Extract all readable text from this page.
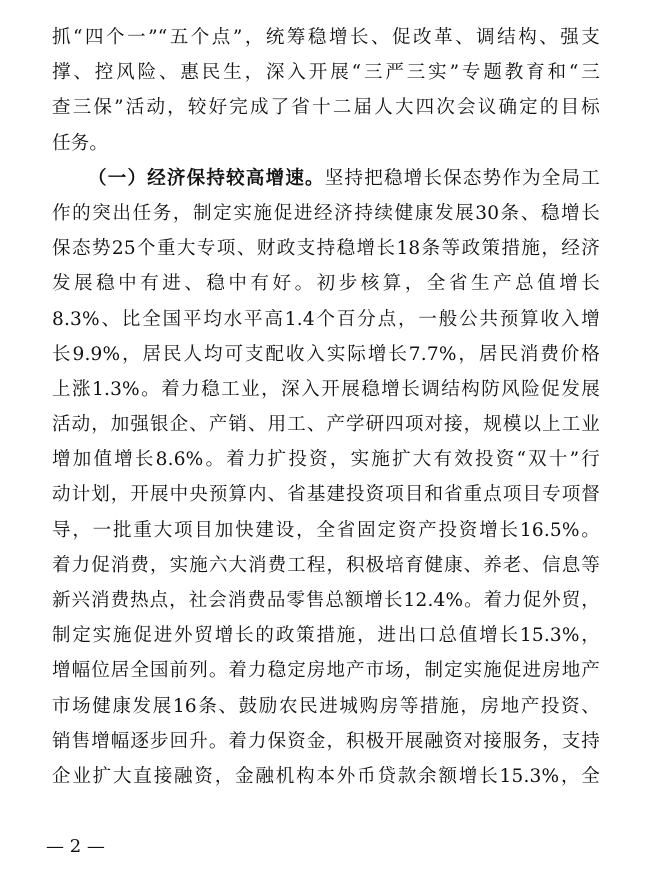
抓“四个一”“五个点”，统筹稳增长、促改革、调结构、强支
撑、控风险、惠民生，深入开展“三严三实”专题教育和“三
查三保”活动，较好完成了省十二届人大四次会议确定的目标
任务。
（一）经济保持较高增速。坚持把稳增长保态势作为全局工
作的突出任务，制定实施促进经济持续健康发展30条、稳增长
保态势25个重大专项、财政支持稳增长18条等政策措施，经济
发展稳中有进、稳中有好。初步核算，全省生产总值增长
8.3%、比全国平均水平高1.4个百分点，一般公共预算收入增
长9.9%，居民人均可支配收入实际增长7.7%，居民消费价格
上涨1.3%。着力稳工业，深入开展稳增长调结构防风险促发展
活动，加强银企、产销、用工、产学研四项对接，规模以上工业
增加值增长8.6%。着力扩投资，实施扩大有效投资“双十”行
动计划，开展中央预算内、省基建投资项目和省重点项目专项督
导，一批重大项目加快建设，全省固定资产投资增长16.5%。
着力促消费，实施六大消费工程，积极培育健康、养老、信息等
新兴消费热点，社会消费品零售总额增长12.4%。着力促外贸，
制定实施促进外贸增长的政策措施，进出口总值增长15.3%，
增幅位居全国前列。着力稳定房地产市场，制定实施促进房地产
市场健康发展16条、鼓励农民进城购房等措施，房地产投资、
销售增幅逐步回升。着力保资金，积极开展融资对接服务，支持
企业扩大直接融资，金融机构本外币贷款余额增长15.3%，全
— 2 —
